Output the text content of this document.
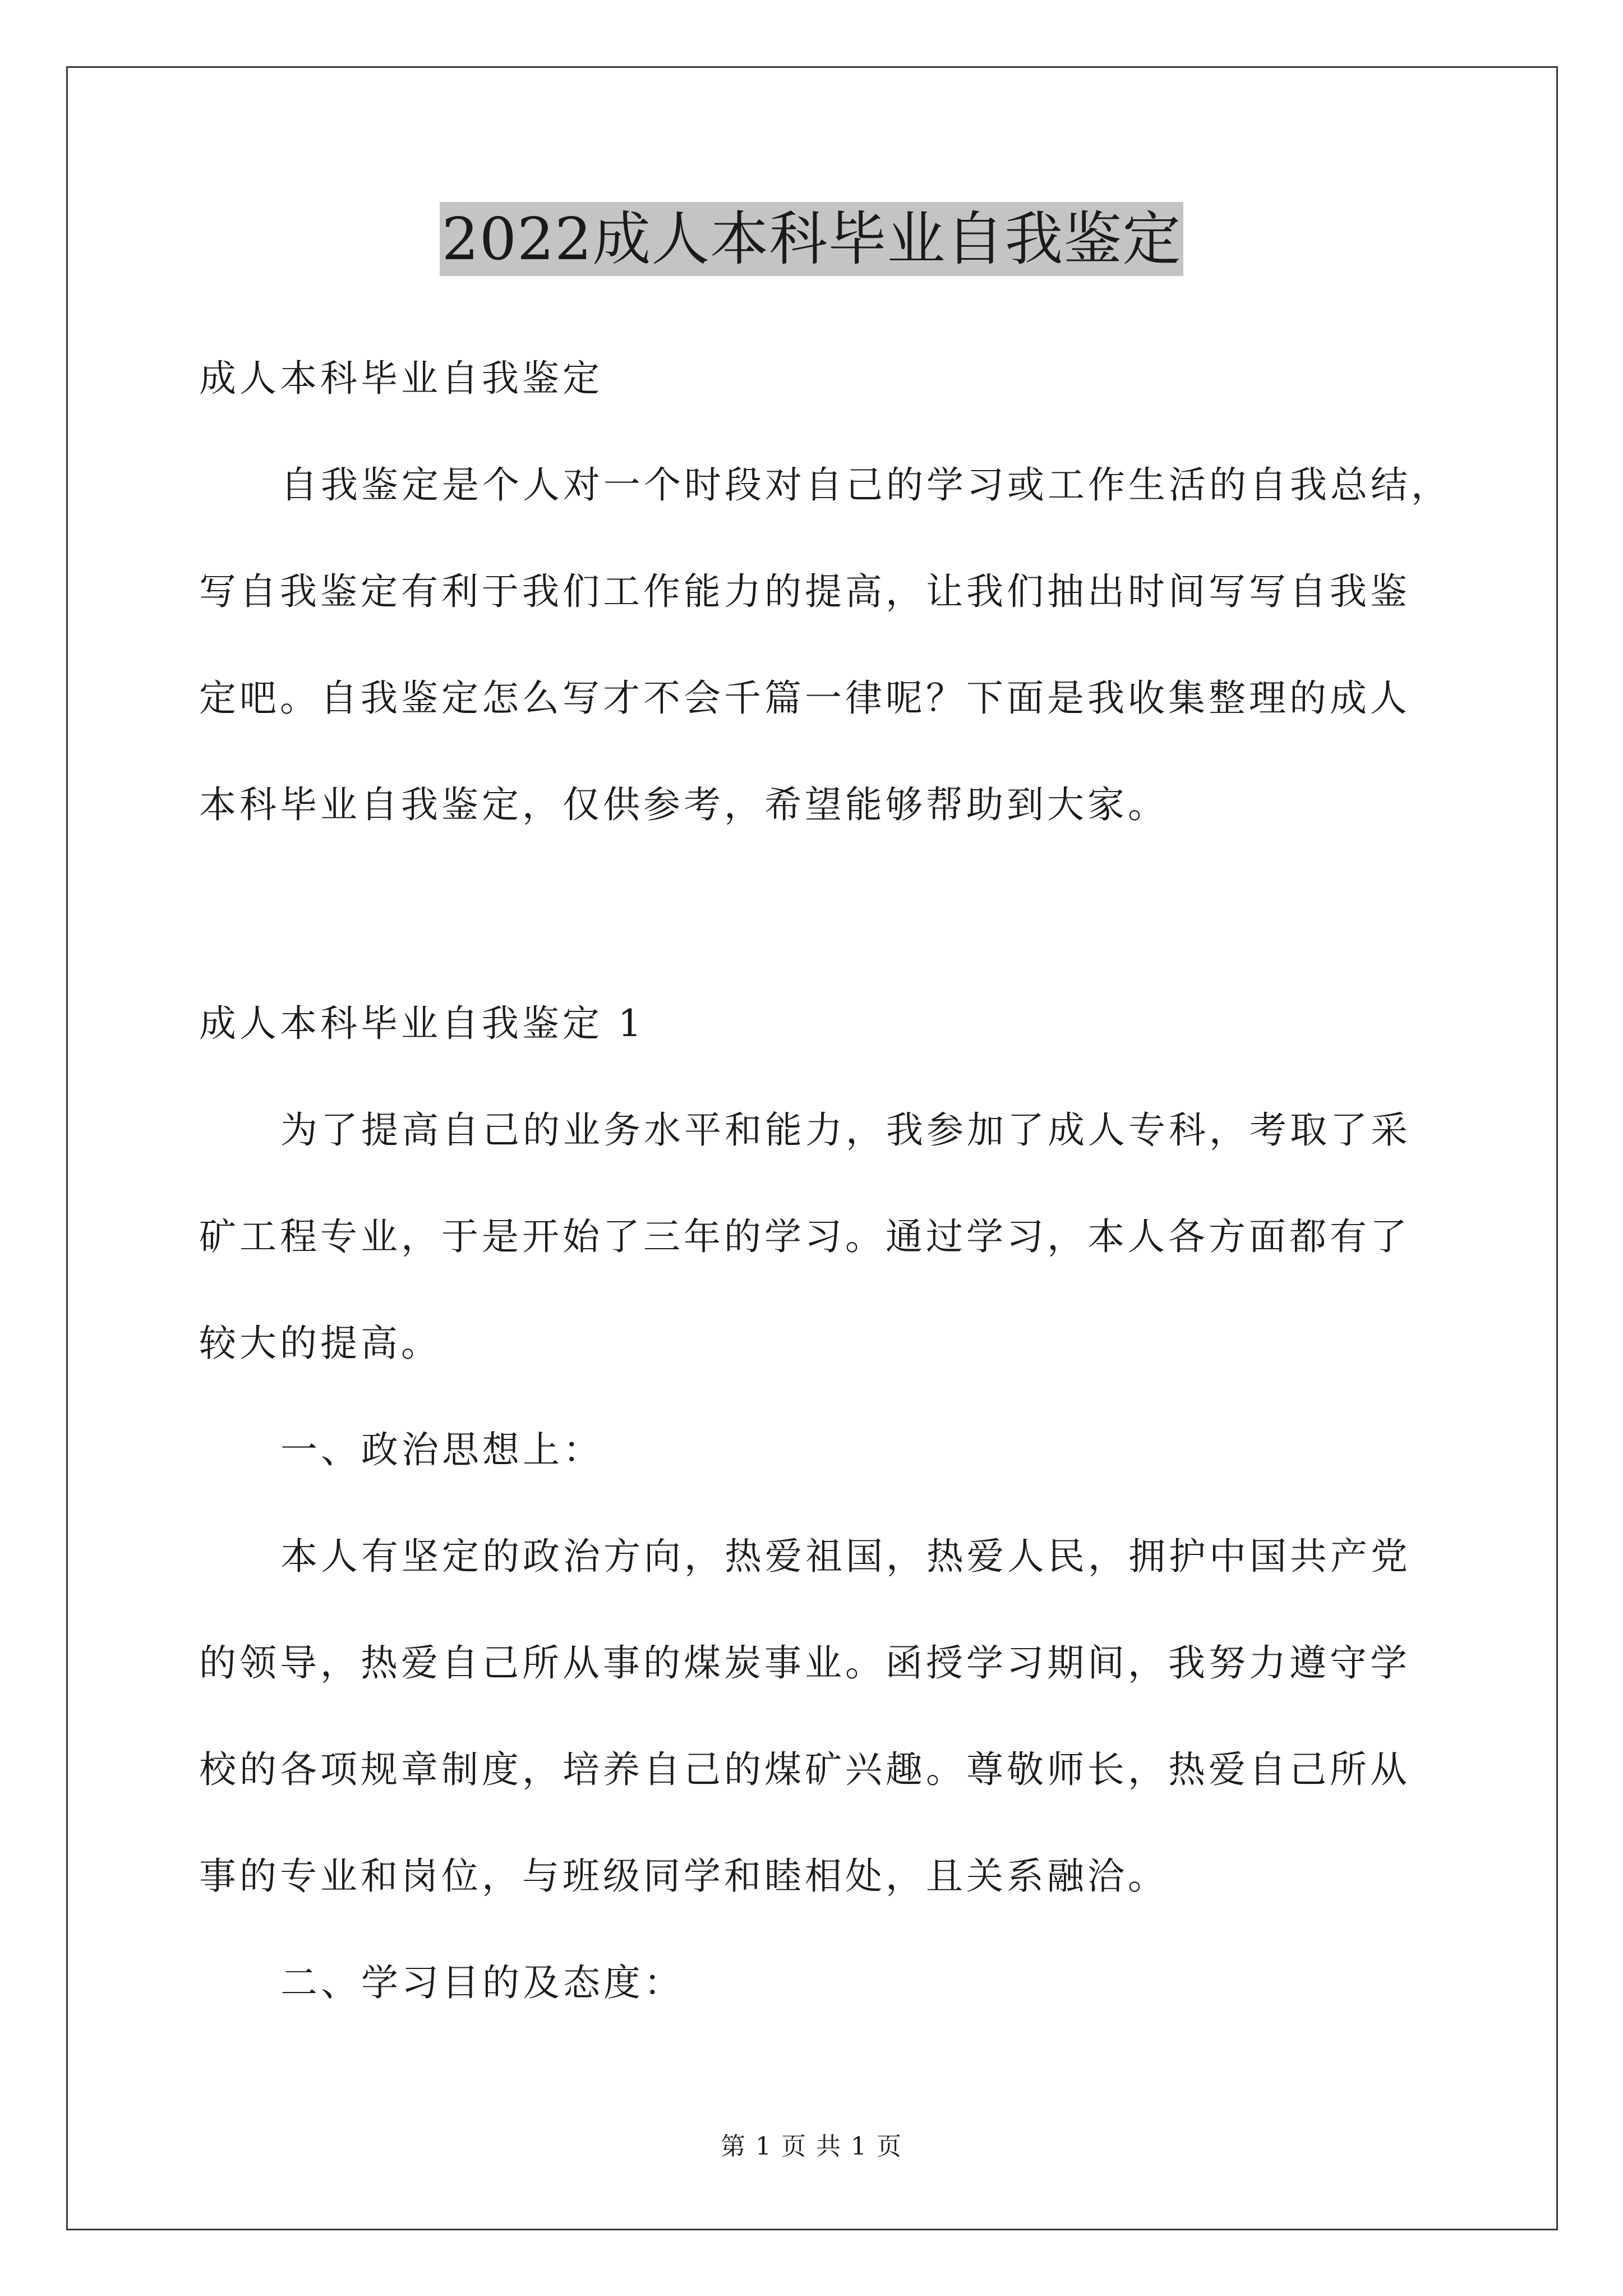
2022成人本科毕业自我鉴定
成人本科毕业自我鉴定
自我鉴定是个人对一个时段对自己的学习或工作生活的自我总结，
写自我鉴定有利于我们工作能力的提高，让我们抽出时间写写自我鉴
定吧。自我鉴定怎么写才不会千篇一律呢？下面是我收集整理的成人
本科毕业自我鉴定，仅供参考，希望能够帮助到大家。
成人本科毕业自我鉴定 1
为了提高自己的业务水平和能力，我参加了成人专科，考取了采
矿工程专业，于是开始了三年的学习。通过学习，本人各方面都有了
较大的提高。
一、政治思想上：
本人有坚定的政治方向，热爱祖国，热爱人民，拥护中国共产党
的领导，热爱自己所从事的煤炭事业。函授学习期间，我努力遵守学
校的各项规章制度，培养自己的煤矿兴趣。尊敬师长，热爱自己所从
事的专业和岗位，与班级同学和睦相处，且关系融洽。
二、学习目的及态度：
第 1 页 共 1 页
